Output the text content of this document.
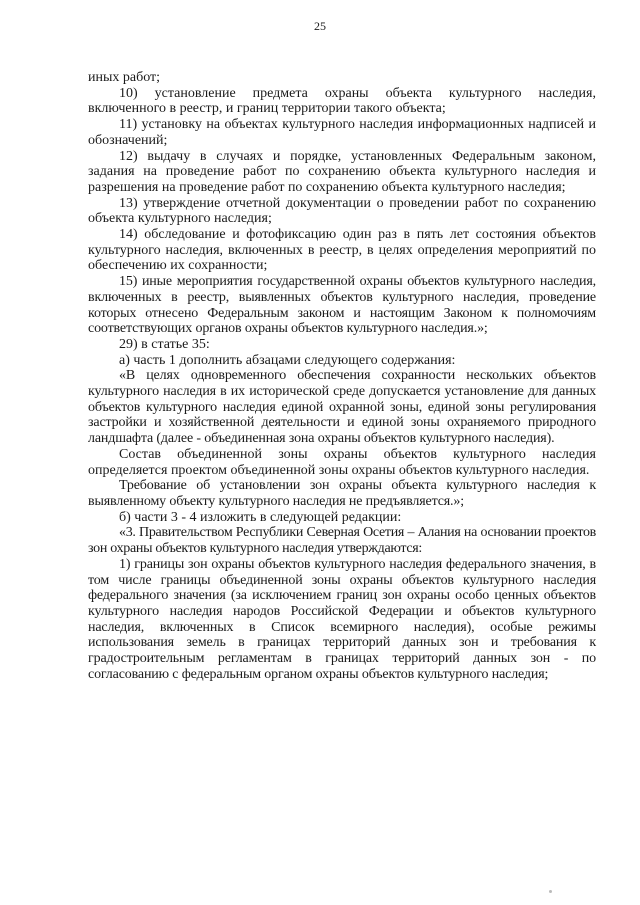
25

иных работ;

10) установление предмета охраны объекта культурного наследия, включенного в реестр, и границ территории такого объекта;

11) установку на объектах культурного наследия информационных надписей и обозначений;

12) выдачу в случаях и порядке, установленных Федеральным законом, задания на проведение работ по сохранению объекта культурного наследия и разрешения на проведение работ по сохранению объекта культурного наследия;

13) утверждение отчетной документации о проведении работ по сохранению объекта культурного наследия;

14) обследование и фотофиксацию один раз в пять лет состояния объектов культурного наследия, включенных в реестр, в целях определения мероприятий по обеспечению их сохранности;

15) иные мероприятия государственной охраны объектов культурного наследия, включенных в реестр, выявленных объектов культурного наследия, проведение которых отнесено Федеральным законом и настоящим Законом к полномочиям соответствующих органов охраны объектов культурного наследия.»;

29) в статье 35:

а) часть 1 дополнить абзацами следующего содержания:

«В целях одновременного обеспечения сохранности нескольких объектов культурного наследия в их исторической среде допускается установление для данных объектов культурного наследия единой охранной зоны, единой зоны регулирования застройки и хозяйственной деятельности и единой зоны охраняемого природного ландшафта (далее - объединенная зона охраны объектов культурного наследия).

Состав объединенной зоны охраны объектов культурного наследия определяется проектом объединенной зоны охраны объектов культурного наследия.

Требование об установлении зон охраны объекта культурного наследия к выявленному объекту культурного наследия не предъявляется.»;

б) части 3 - 4 изложить в следующей редакции:

«3. Правительством Республики Северная Осетия – Алания на основании проектов зон охраны объектов культурного наследия утверждаются:

1) границы зон охраны объектов культурного наследия федерального значения, в том числе границы объединенной зоны охраны объектов культурного наследия федерального значения (за исключением границ зон охраны особо ценных объектов культурного наследия народов Российской Федерации и объектов культурного наследия, включенных в Список всемирного наследия), особые режимы использования земель в границах территорий данных зон и требования к градостроительным регламентам в границах территорий данных зон - по согласованию с федеральным органом охраны объектов культурного наследия;
